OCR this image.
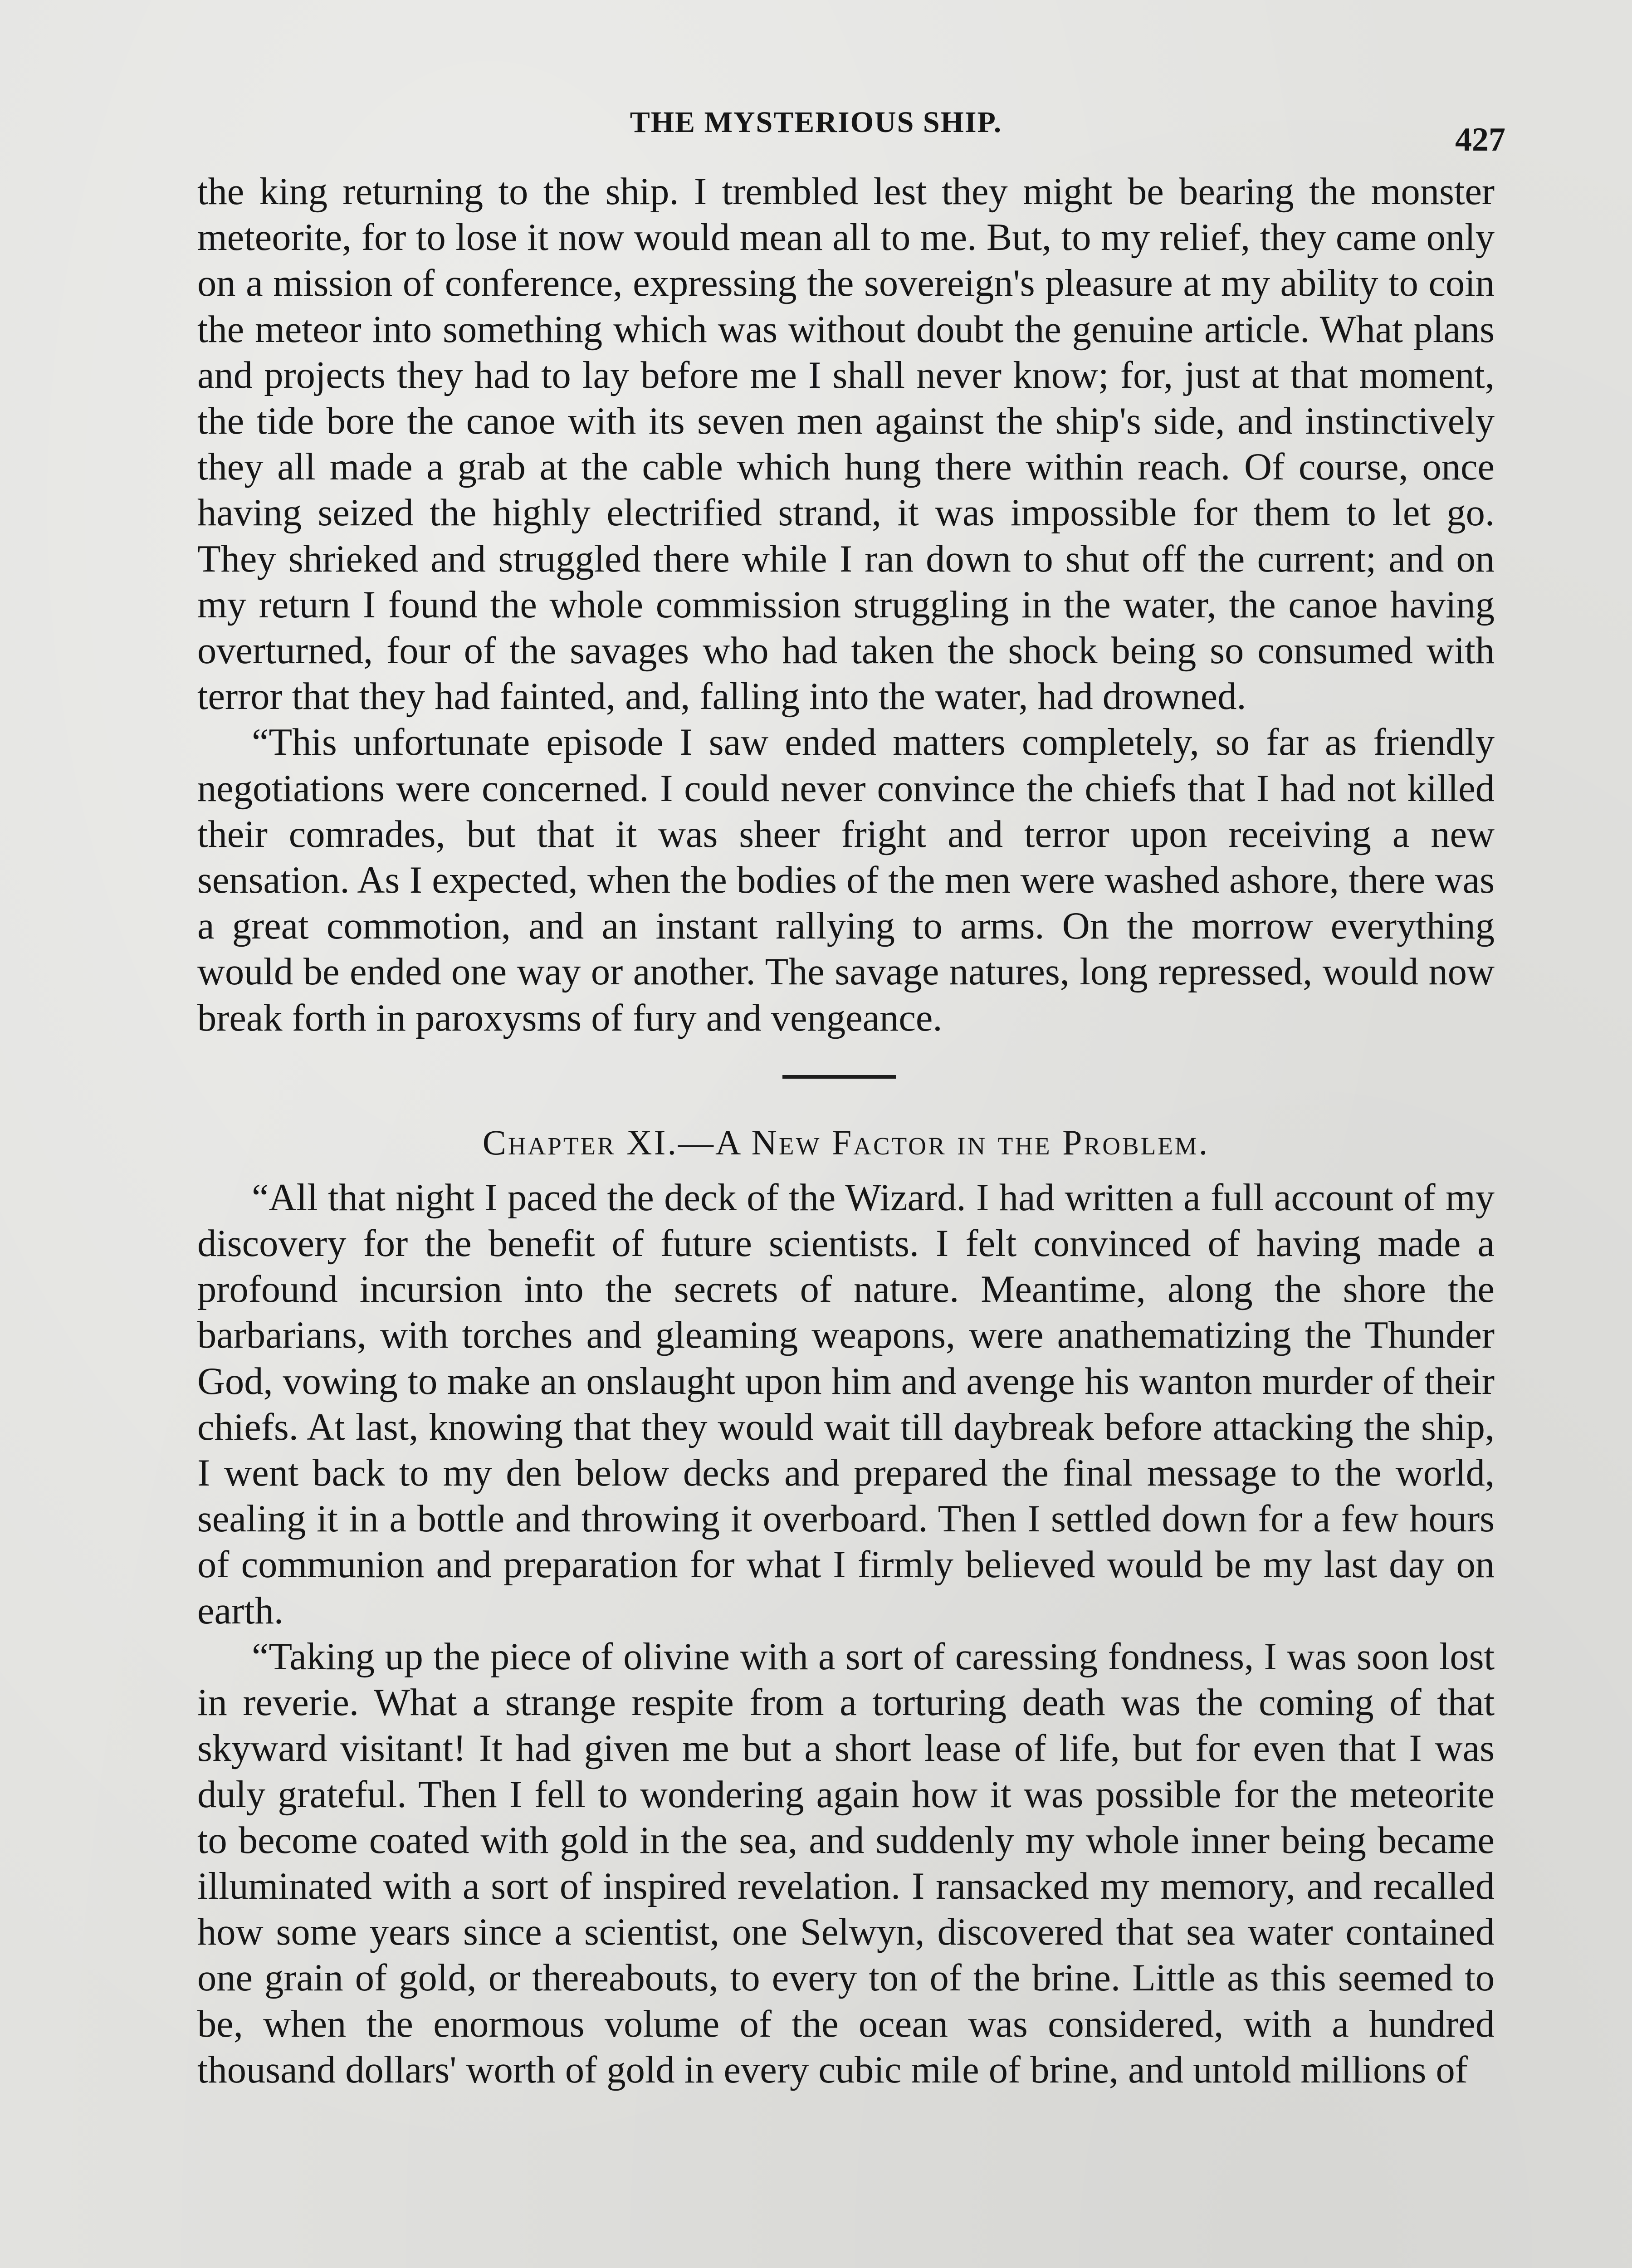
THE MYSTERIOUS SHIP.	427

the king returning to the ship. I trembled lest they might be bearing the monster meteorite, for to lose it now would mean all to me. But, to my relief, they came only on a mission of conference, expressing the sovereign's pleasure at my ability to coin the meteor into something which was without doubt the genuine article. What plans and projects they had to lay before me I shall never know; for, just at that moment, the tide bore the canoe with its seven men against the ship's side, and instinctively they all made a grab at the cable which hung there within reach. Of course, once having seized the highly electrified strand, it was impossible for them to let go. They shrieked and struggled there while I ran down to shut off the current; and on my return I found the whole commission struggling in the water, the canoe having overturned, four of the savages who had taken the shock being so consumed with terror that they had fainted, and, falling into the water, had drowned.

“This unfortunate episode I saw ended matters completely, so far as friendly negotiations were concerned. I could never convince the chiefs that I had not killed their comrades, but that it was sheer fright and terror upon receiving a new sensation. As I expected, when the bodies of the men were washed ashore, there was a great commotion, and an instant rallying to arms. On the morrow everything would be ended one way or another. The savage natures, long repressed, would now break forth in paroxysms of fury and vengeance.

Chapter XI.—A New Factor in the Problem.

“All that night I paced the deck of the Wizard. I had written a full account of my discovery for the benefit of future scientists. I felt convinced of having made a profound incursion into the secrets of nature. Meantime, along the shore the barbarians, with torches and gleaming weapons, were anathematizing the Thunder God, vowing to make an onslaught upon him and avenge his wanton murder of their chiefs. At last, knowing that they would wait till daybreak before attacking the ship, I went back to my den below decks and prepared the final message to the world, sealing it in a bottle and throwing it overboard. Then I settled down for a few hours of communion and preparation for what I firmly believed would be my last day on earth.

“Taking up the piece of olivine with a sort of caressing fondness, I was soon lost in reverie. What a strange respite from a torturing death was the coming of that skyward visitant! It had given me but a short lease of life, but for even that I was duly grateful. Then I fell to wondering again how it was possible for the meteorite to become coated with gold in the sea, and suddenly my whole inner being became illuminated with a sort of inspired revelation. I ransacked my memory, and recalled how some years since a scientist, one Selwyn, discovered that sea water contained one grain of gold, or thereabouts, to every ton of the brine. Little as this seemed to be, when the enormous volume of the ocean was considered, with a hundred thousand dollars' worth of gold in every cubic mile of brine, and untold millions of
